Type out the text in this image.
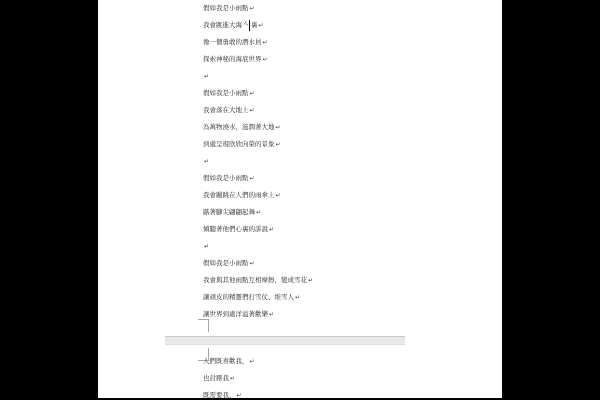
假如我是小雨點 ↵
我會跳進大海 入 裏 ↵
像一個勇敢的潛水員 ↵
探索神秘的海底世界 ↵
↵
假如我是小雨點 ↵
我會落在大地上 ↵
為萬物澆水，滋潤著大地 ↵
到處呈現欣欣向榮的景象 ↵
↵
假如我是小雨點 ↵
我會蹦跳在人們的雨傘上 ↵
踮著腳尖翩翩起舞 ↵
傾聽著他們心裏的訴說 ↵
↵
假如我是小雨點 ↵
我會與其他雨點互相摩擦，變成雪花 ↵
讓頑皮的精靈們打雪仗、堆雪人 ↵
讓世界到處洋溢著歡樂 ↵
人們既喜歡我， ↵
也討厭我 ↵
既需要我， ↵
